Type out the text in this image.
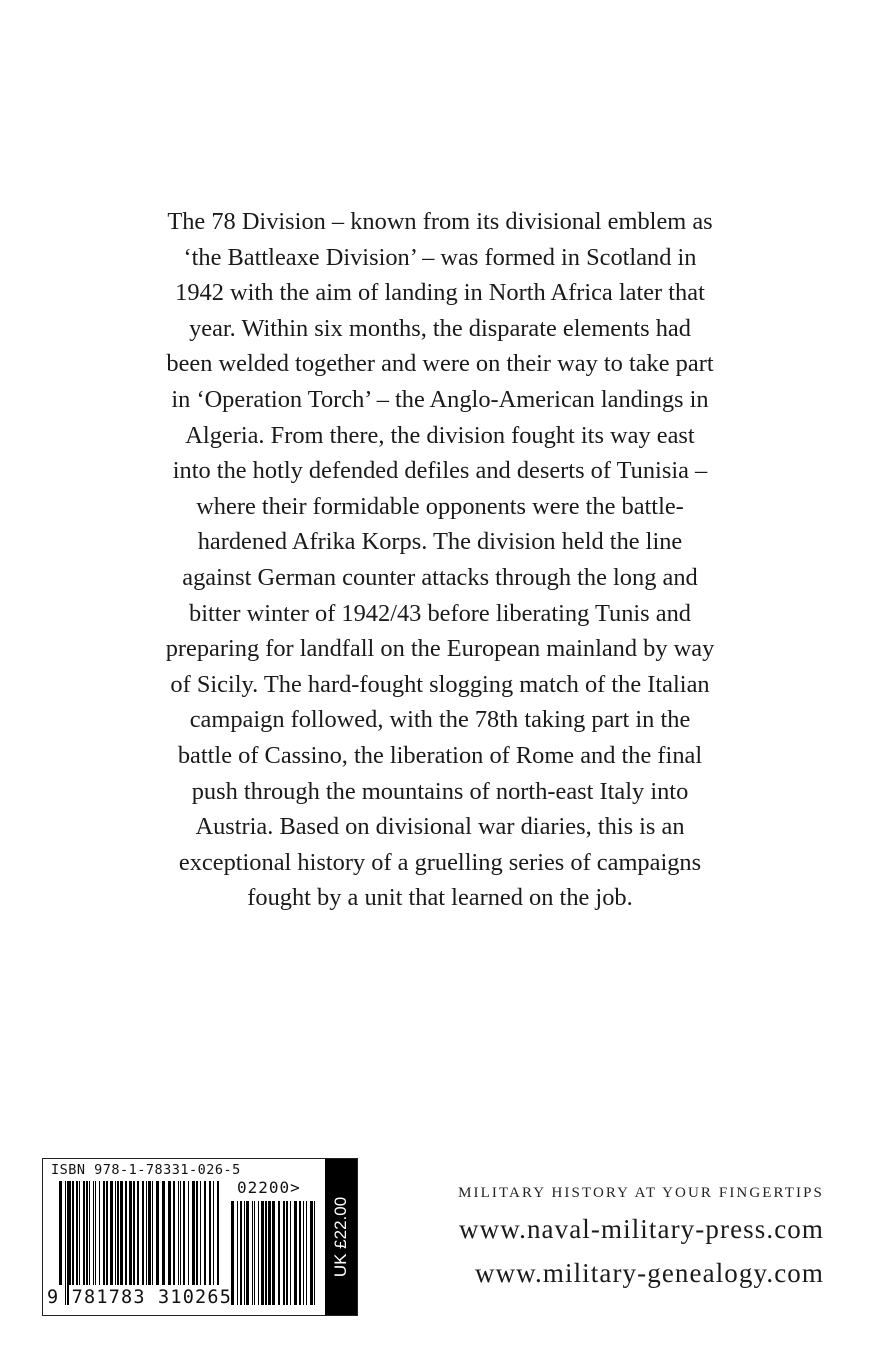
The 78 Division – known from its divisional emblem as
‘the Battleaxe Division’ – was formed in Scotland in
1942 with the aim of landing in North Africa later that
year. Within six months, the disparate elements had
been welded together and were on their way to take part
in ‘Operation Torch’ – the Anglo-American landings in
Algeria. From there, the division fought its way east
into the hotly defended defiles and deserts of Tunisia –
where their formidable opponents were the battle-
hardened Afrika Korps. The division held the line
against German counter attacks through the long and
bitter winter of 1942/43 before liberating Tunis and
preparing for landfall on the European mainland by way
of Sicily. The hard-fought slogging match of the Italian
campaign followed, with the 78th taking part in the
battle of Cassino, the liberation of Rome and the final
push through the mountains of north-east Italy into
Austria. Based on divisional war diaries, this is an
exceptional history of a gruelling series of campaigns
fought by a unit that learned on the job.
ISBN 978-1-78331-026-5
02200>
9 781783 310265
UK £22.00
MILITARY HISTORY AT YOUR FINGERTIPS
www.naval-military-press.com
www.military-genealogy.com
